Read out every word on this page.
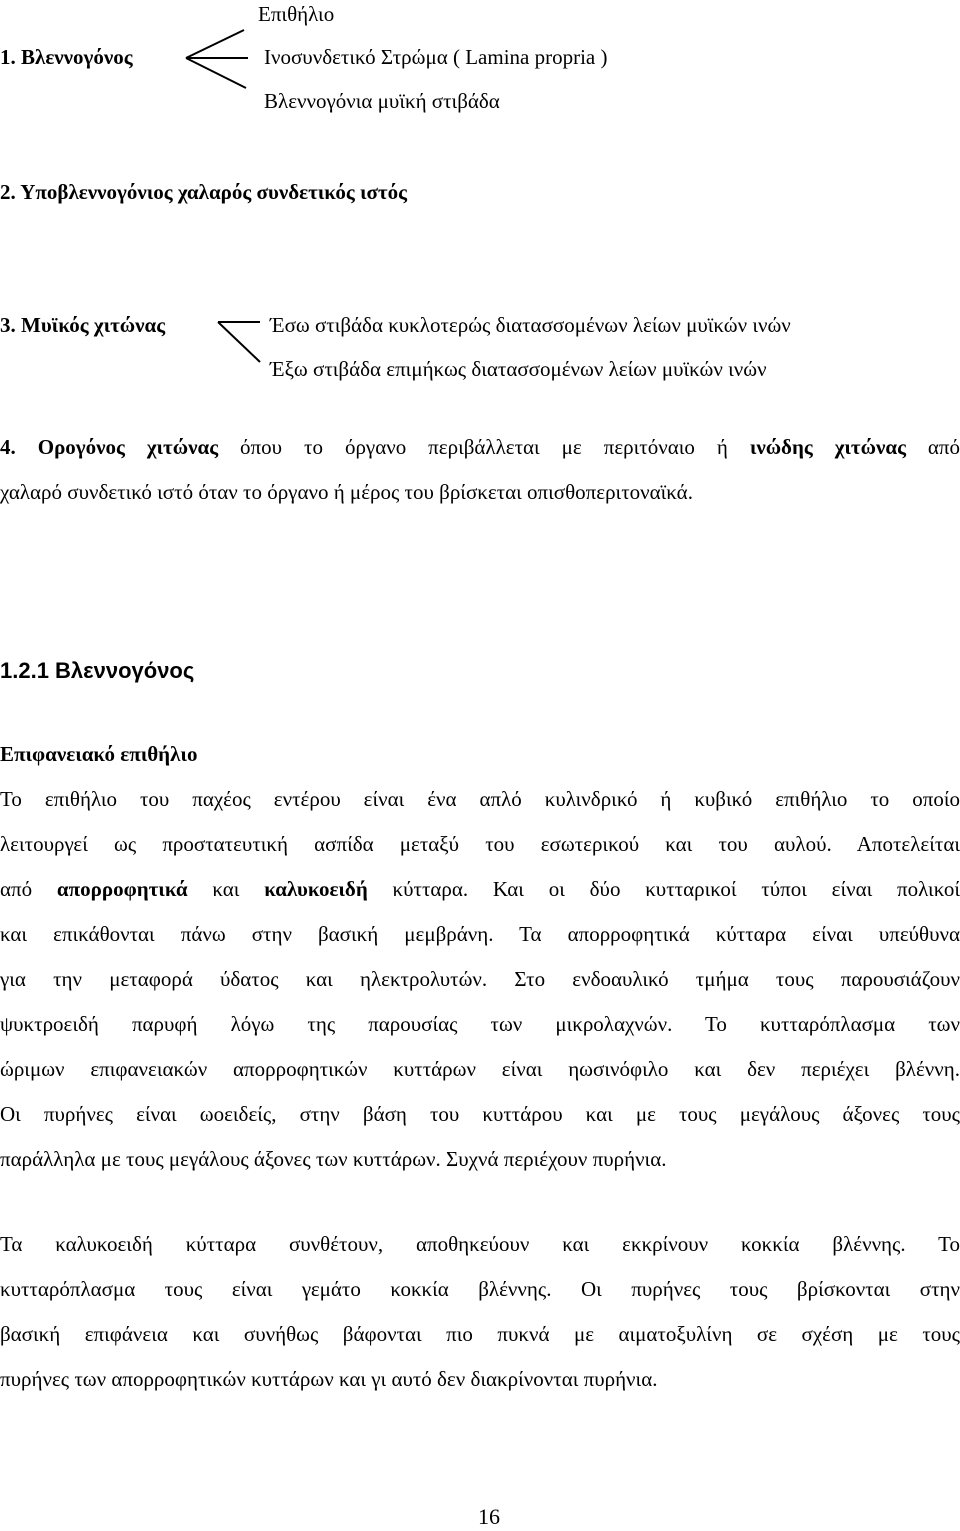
Επιθήλιο
1. Βλεννογόνος	Ινοσυνδετικό Στρώμα ( Lamina propria )
Βλεννογόνια μυϊκή στιβάδα
2. Υποβλεννογόνιος χαλαρός συνδετικός ιστός
3. Μυϊκός χιτώνας	Έσω στιβάδα κυκλοτερώς διατασσομένων λείων μυϊκών ινών
Έξω στιβάδα επιμήκως διατασσομένων λείων μυϊκών ινών
4. Ορογόνος χιτώνας όπου το όργανο περιβάλλεται με περιτόναιο ή ινώδης χιτώνας από
χαλαρό συνδετικό ιστό όταν το όργανο ή μέρος του βρίσκεται οπισθοπεριτοναϊκά.
1.2.1 Βλεννογόνος
Επιφανειακό επιθήλιο
Το επιθήλιο του παχέος εντέρου είναι ένα απλό κυλινδρικό ή κυβικό επιθήλιο το οποίο
λειτουργεί ως προστατευτική ασπίδα μεταξύ του εσωτερικού και του αυλού. Αποτελείται
από απορροφητικά και καλυκοειδή κύτταρα. Και οι δύο κυτταρικοί τύποι είναι πολικοί
και επικάθονται πάνω στην βασική μεμβράνη. Τα απορροφητικά κύτταρα είναι υπεύθυνα
για την μεταφορά ύδατος και ηλεκτρολυτών. Στο ενδοαυλικό τμήμα τους παρουσιάζουν
ψυκτροειδή παρυφή λόγω της παρουσίας των μικρολαχνών. Το κυτταρόπλασμα των
ώριμων επιφανειακών απορροφητικών κυττάρων είναι ηωσινόφιλο και δεν περιέχει βλέννη.
Οι πυρήνες είναι ωοειδείς, στην βάση του κυττάρου και με τους μεγάλους άξονες τους
παράλληλα με τους μεγάλους άξονες των κυττάρων. Συχνά περιέχουν πυρήνια.
Τα καλυκοειδή κύτταρα συνθέτουν, αποθηκεύουν και εκκρίνουν κοκκία βλέννης. Το
κυτταρόπλασμα τους είναι γεμάτο κοκκία βλέννης. Οι πυρήνες τους βρίσκονται στην
βασική επιφάνεια και συνήθως βάφονται πιο πυκνά με αιματοξυλίνη σε σχέση με τους
πυρήνες των απορροφητικών κυττάρων και γι αυτό δεν διακρίνονται πυρήνια.
16
